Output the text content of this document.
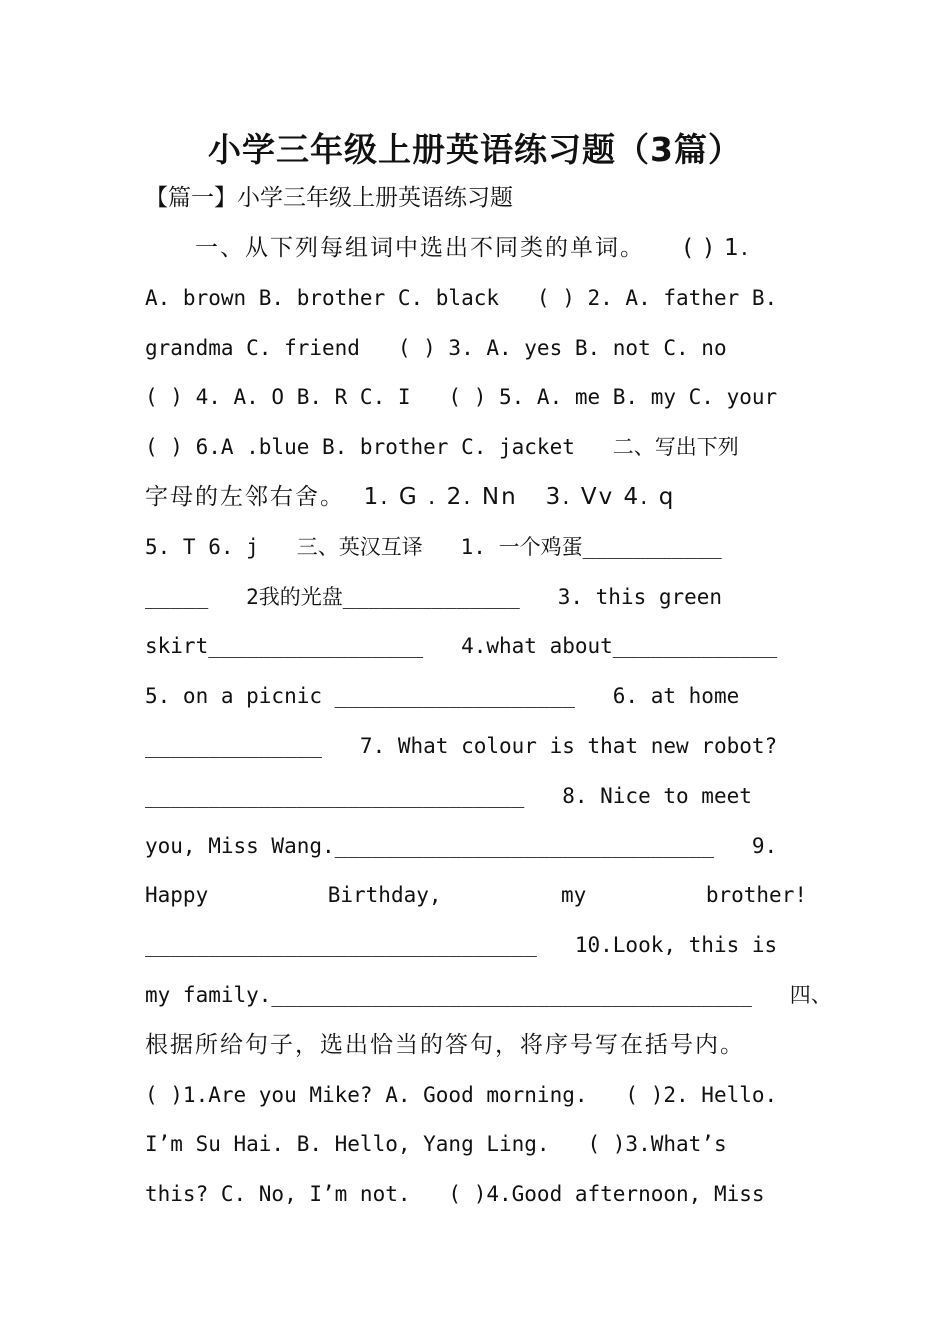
小学三年级上册英语练习题（3篇）
【篇一】小学三年级上册英语练习题
　　一、从下列每组词中选出不同类的单词。　　( ) 1.
A. brown B. brother C. black   ( ) 2. A. father B.
grandma C. friend   ( ) 3. A. yes B. not C. no
( ) 4. A. O B. R C. I   ( ) 5. A. me B. my C. your
( ) 6.A .blue B. brother C. jacket   二、写出下列
字母的左邻右舍。  1. G . 2. Nn   3. Vv 4. q
5. T 6. j   三、英汉互译   1. 一个鸡蛋___________
_____   2我的光盘______________   3. this green
skirt_________________   4.what about_____________
5. on a picnic ___________________   6. at home
______________   7. What colour is that new robot?
______________________________   8. Nice to meet
you, Miss Wang.______________________________   9.
Happy Birthday, my brother!
_______________________________   10.Look, this is
my family.______________________________________   四、
根据所给句子，选出恰当的答句，将序号写在括号内。
( )1.Are you Mike? A. Good morning.   ( )2. Hello.
I’m Su Hai. B. Hello, Yang Ling.   ( )3.What’s
this? C. No, I’m not.   ( )4.Good afternoon, Miss
